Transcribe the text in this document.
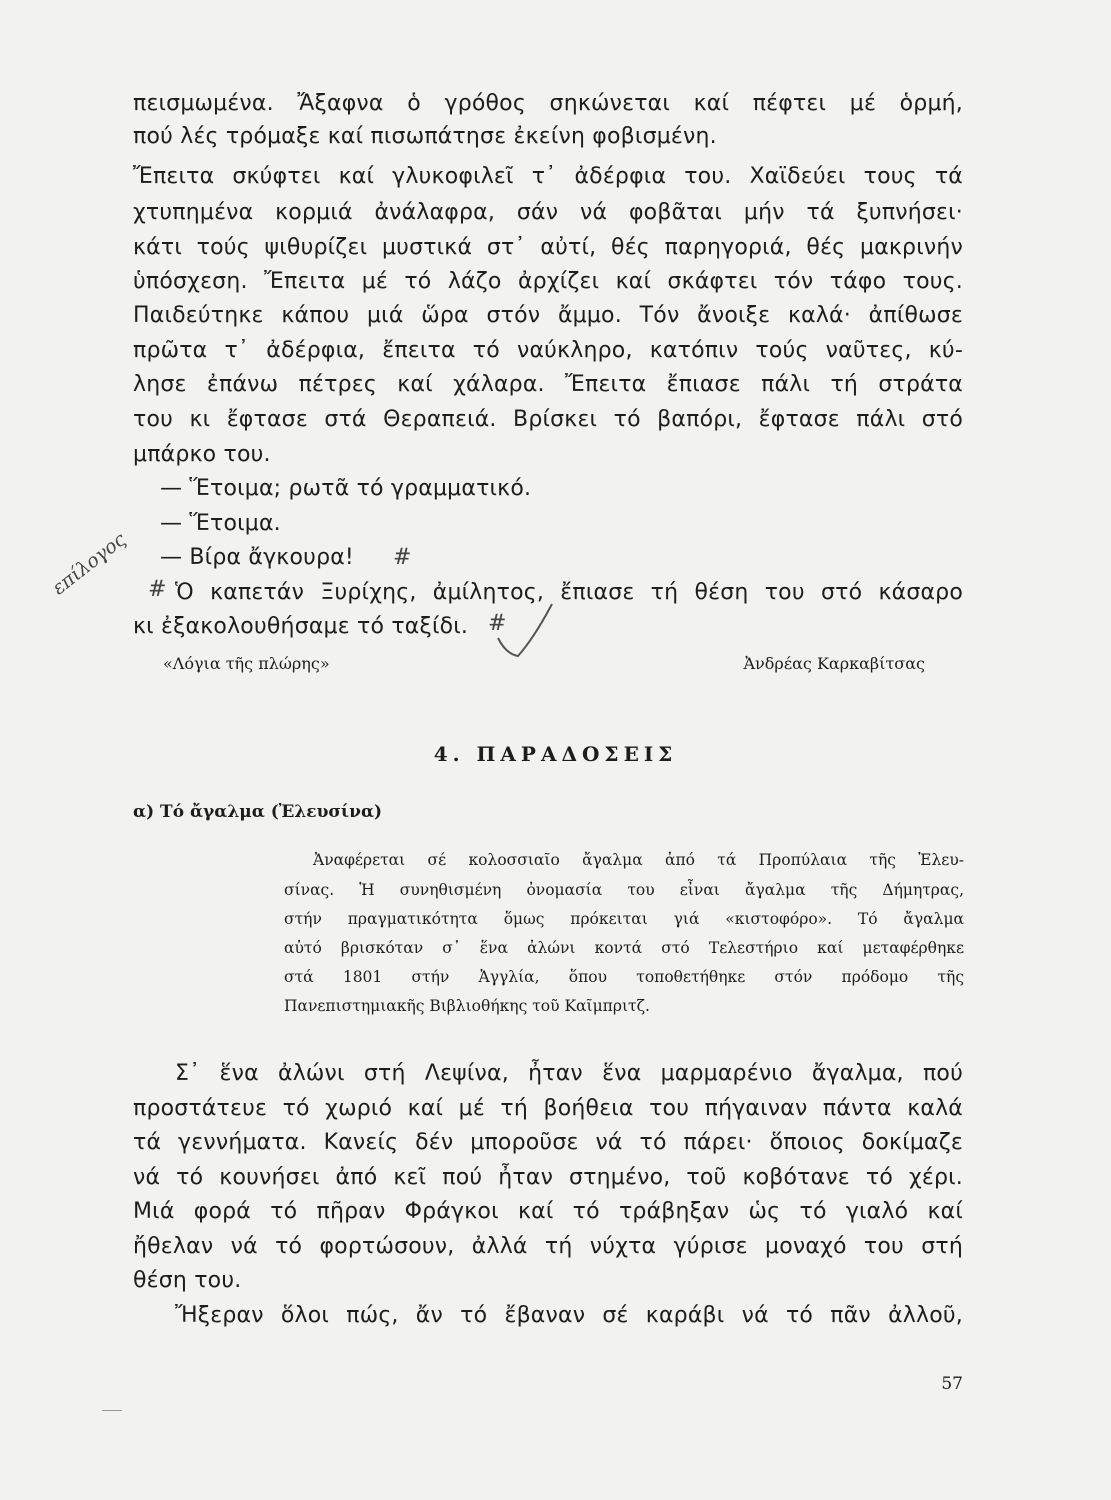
πεισμωμένα. Ἄξαφνα ὁ γρόθος σηκώνεται καί πέφτει μέ ὁρμή,
πού λές τρόμαξε καί πισωπάτησε ἐκείνη φοβισμένη.
Ἔπειτα σκύφτει καί γλυκοφιλεῖ τ᾽ ἀδέρφια του. Χαϊδεύει τους τά
χτυπημένα κορμιά ἀνάλαφρα, σάν νά φοβᾶται μήν τά ξυπνήσει·
κάτι τούς ψιθυρίζει μυστικά στ᾽ αὐτί, θές παρηγοριά, θές μακρινήν
ὑπόσχεση. Ἔπειτα μέ τό λάζο ἀρχίζει καί σκάφτει τόν τάφο τους.
Παιδεύτηκε κάπου μιά ὥρα στόν ἄμμο. Τόν ἄνοιξε καλά· ἀπίθωσε
πρῶτα τ᾽ ἀδέρφια, ἔπειτα τό ναύκληρο, κατόπιν τούς ναῦτες, κύ-
λησε ἐπάνω πέτρες καί χάλαρα. Ἔπειτα ἔπιασε πάλι τή στράτα
του κι ἔφτασε στά Θεραπειά. Βρίσκει τό βαπόρι, ἔφτασε πάλι στό
μπάρκο του.
— Ἕτοιμα; ρωτᾶ τό γραμματικό.
— Ἕτοιμα.
— Βίρα ἄγκουρα!
Ὁ καπετάν Ξυρίχης, ἀμίλητος, ἔπιασε τή θέση του στό κάσαρο
κι ἐξακολουθήσαμε τό ταξίδι.
επίλογος	#
#
#
«Λόγια τῆς πλώρης»	Ἀνδρέας Καρκαβίτσας
4. ΠΑΡΑΔΟΣΕΙΣ
α) Τό ἄγαλμα (Ἐλευσίνα)
Ἀναφέρεται σέ κολοσσιαῖο ἄγαλμα ἀπό τά Προπύλαια τῆς Ἐλευ-
σίνας. Ἡ συνηθισμένη ὀνομασία του εἶναι ἄγαλμα τῆς Δήμητρας,
στήν πραγματικότητα ὅμως πρόκειται γιά «κιστοφόρο». Τό ἄγαλμα
αὐτό βρισκόταν σ᾽ ἕνα ἀλώνι κοντά στό Τελεστήριο καί μεταφέρθηκε
στά 1801 στήν Ἀγγλία, ὅπου τοποθετήθηκε στόν πρόδομο τῆς
Πανεπιστημιακῆς Βιβλιοθήκης τοῦ Καῖμπριτζ.
Σ᾽ ἕνα ἀλώνι στή Λεψίνα, ἦταν ἕνα μαρμαρένιο ἄγαλμα, πού
προστάτευε τό χωριό καί μέ τή βοήθεια του πήγαιναν πάντα καλά
τά γεννήματα. Κανείς δέν μποροῦσε νά τό πάρει· ὅποιος δοκίμαζε
νά τό κουνήσει ἀπό κεῖ πού ἦταν στημένο, τοῦ κοβότανε τό χέρι.
Μιά φορά τό πῆραν Φράγκοι καί τό τράβηξαν ὡς τό γιαλό καί
ἤθελαν νά τό φορτώσουν, ἀλλά τή νύχτα γύρισε μοναχό του στή
θέση του.
Ἤξεραν ὅλοι πώς, ἄν τό ἔβαναν σέ καράβι νά τό πᾶν ἀλλοῦ,
57
